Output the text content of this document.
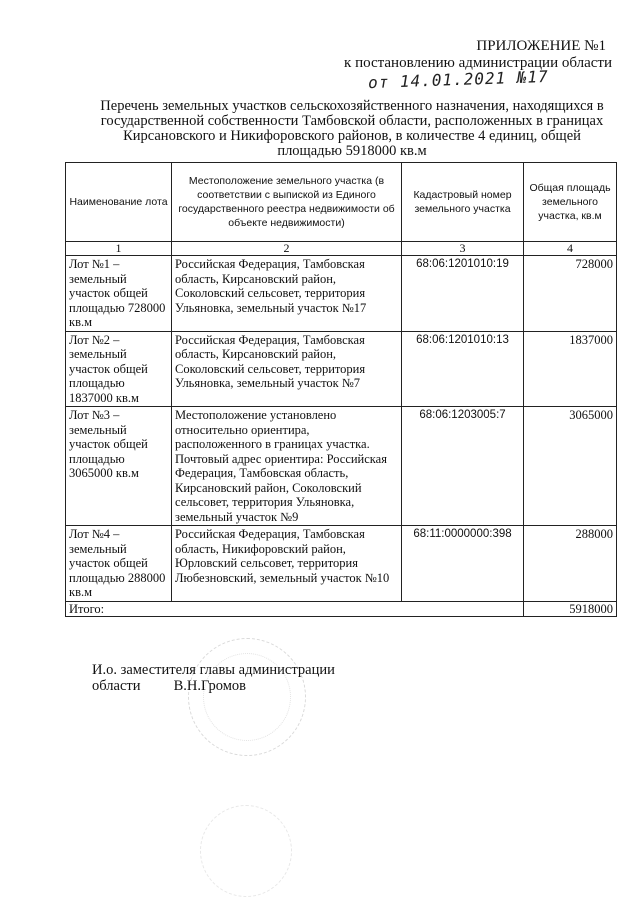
ПРИЛОЖЕНИЕ №1
к постановлению администрации области
от 14.01.2021 №17
Перечень земельных участков сельскохозяйственного назначения, находящихся в государственной собственности Тамбовской области, расположенных в границах Кирсановского и Никифоровского районов, в количестве 4 единиц, общей площадью 5918000 кв.м
Наименование лота	Местоположение земельного участка (в соответствии с выпиской из Единого государственного реестра недвижимости об объекте недвижимости)	Кадастровый номер земельного участка	Общая площадь земельного участка, кв.м
1	2	3	4
Лот №1 – земельный участок общей площадью 728000 кв.м	Российская Федерация, Тамбовская область, Кирсановский район, Соколовский сельсовет, территория Ульяновка, земельный участок №17	68:06:1201010:19	728000
Лот №2 – земельный участок общей площадью 1837000 кв.м	Российская Федерация, Тамбовская область, Кирсановский район, Соколовский сельсовет, территория Ульяновка, земельный участок №7	68:06:1201010:13	1837000
Лот №3 – земельный участок общей площадью 3065000 кв.м	Местоположение установлено относительно ориентира, расположенного в границах участка. Почтовый адрес ориентира: Российская Федерация, Тамбовская область, Кирсановский район, Соколовский сельсовет, территория Ульяновка, земельный участок №9	68:06:1203005:7	3065000
Лот №4 – земельный участок общей площадью 288000 кв.м	Российская Федерация, Тамбовская область, Никифоровский район, Юрловский сельсовет, территория Любезновский, земельный участок №10	68:11:0000000:398	288000
Итого:			5918000
И.о. заместителя главы администрации
области В.Н.Громов
